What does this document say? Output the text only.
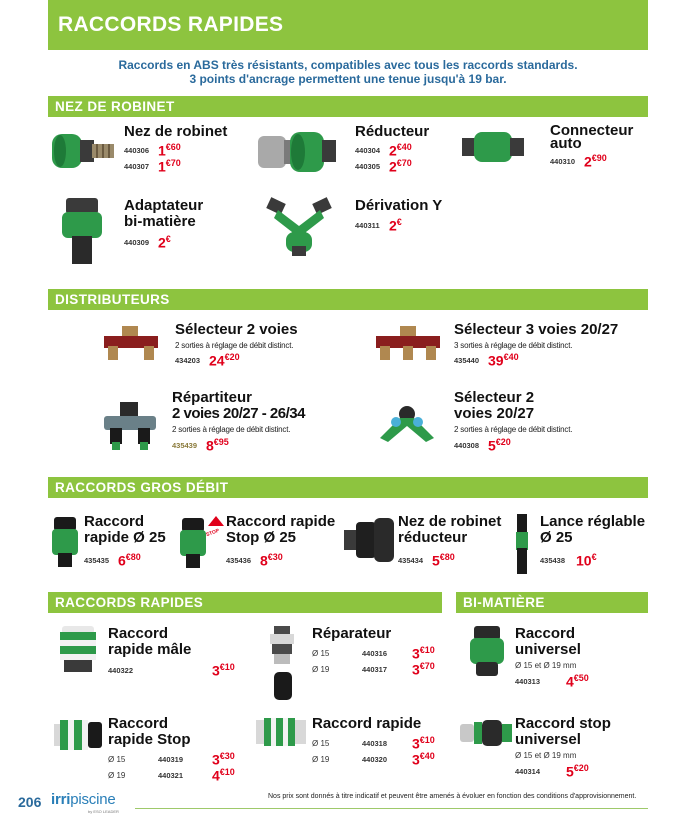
RACCORDS RAPIDES
Raccords en ABS très résistants, compatibles avec tous les raccords standards.
3 points d'ancrage permettent une tenue jusqu'à 19 bar.
NEZ DE ROBINET
Nez de robinet
440306 $1^{€60}$
440307 $1^{€70}$
Réducteur
440304 $2^{€40}$
440305 $2^{€70}$
Connecteur
auto
440310 $2^{€90}$
Adaptateur
bi-matière
440309 2€
Dérivation Y
440311 2€
DISTRIBUTEURS
Sélecteur 2 voies
2 sorties à réglage de débit distinct.
434203 $24^{€20}$
Sélecteur 3 voies 20/27
3 sorties à réglage de débit distinct.
435440 $39^{€40}$
Répartiteur
2 voies 20/27 - 26/34
2 sorties à réglage de débit distinct.
435439 $8^{€95}$
Sélecteur 2
voies 20/27
2 sorties à réglage de débit distinct.
440308 $5^{€20}$
RACCORDS GROS DÉBIT
Raccord
rapide Ø 25
435435 $6^{€80}$
STOP
Raccord rapide
Stop Ø 25
435436 $8^{€30}$
Nez de robinet
réducteur
435434 $5^{€80}$
Lance réglable
Ø 25
435438 10€
RACCORDS RAPIDES	BI-MATIÈRE
Raccord
rapide mâle
440322	$3^{€10}$
Réparateur
Ø 15	440316 $3^{€10}$
Ø 19	440317 $3^{€70}$
Raccord
rapide Stop
Ø 15	440319 $3^{€30}$
Ø 19	440321 $4^{€10}$
Raccord rapide
Ø 15	440318 $3^{€10}$
Ø 19	440320 $3^{€40}$
Raccord
universel
Ø 15 et Ø 19 mm
440313 $4^{€50}$
Raccord stop
universel
Ø 15 et Ø 19 mm
440314 $5^{€20}$
206 irripiscine
by ESO LEADER
Nos prix sont donnés à titre indicatif et peuvent être amenés à évoluer en fonction des conditions d'approvisionnement.
